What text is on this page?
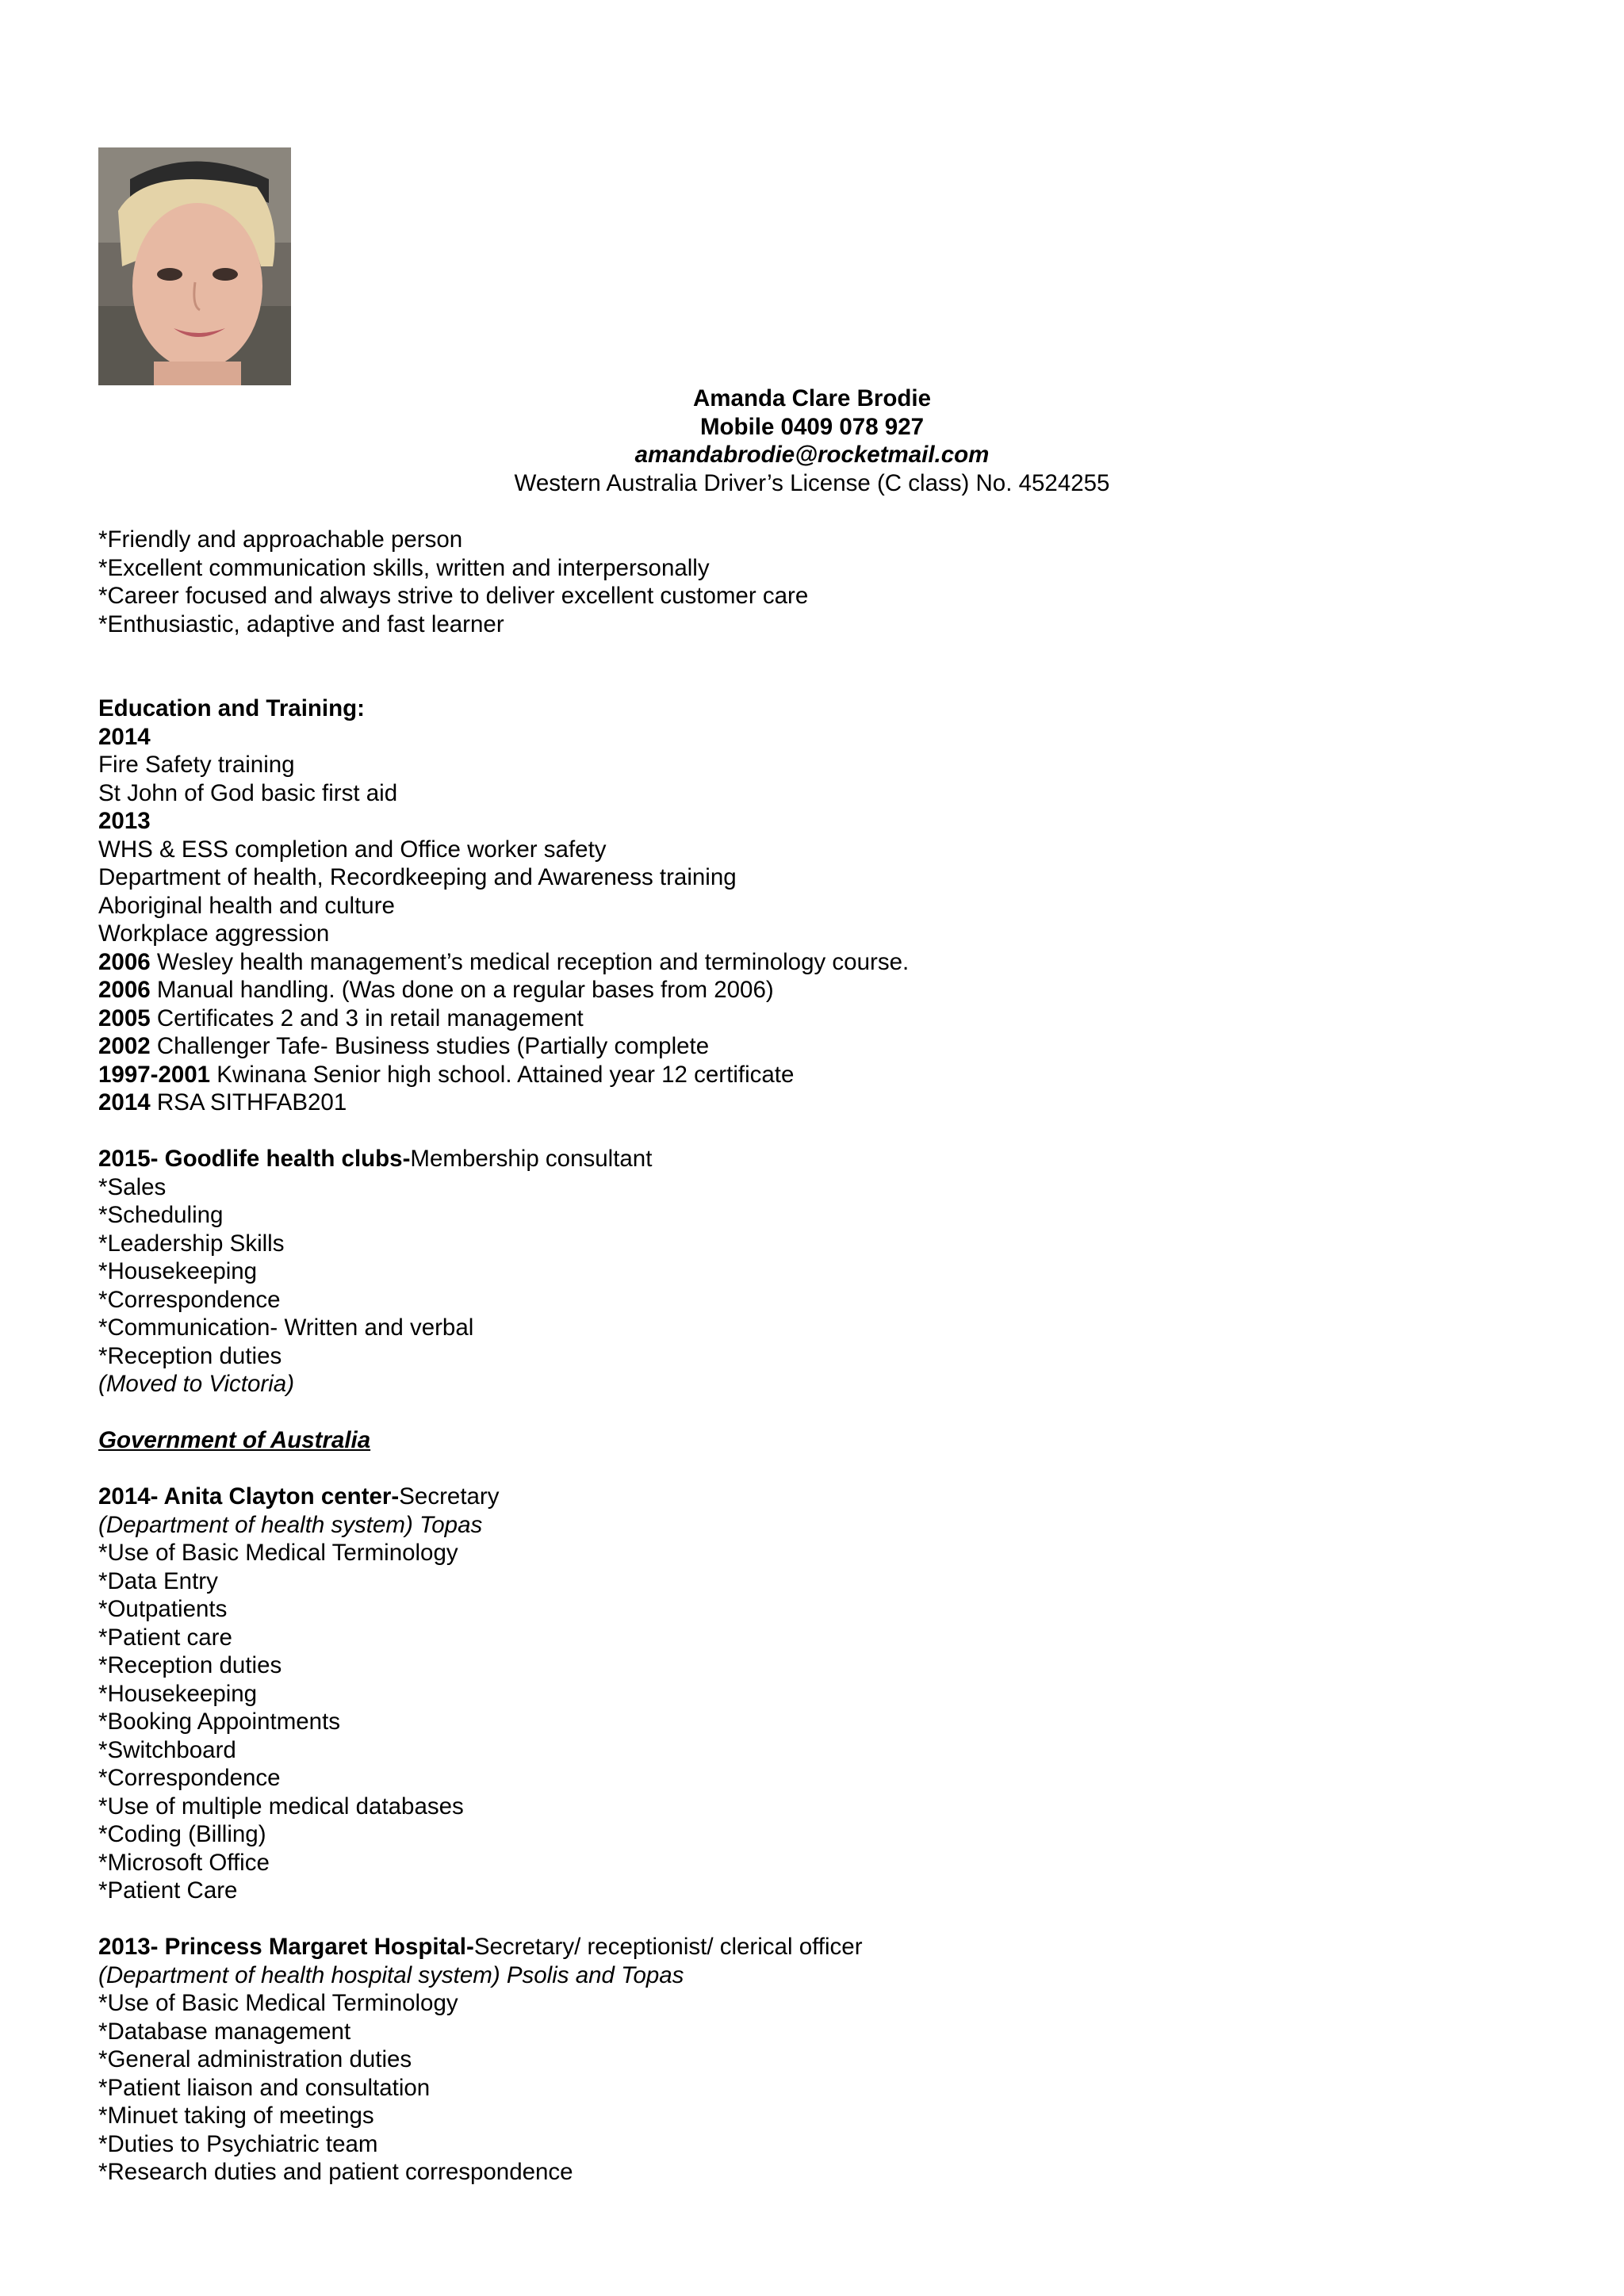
Amanda Clare Brodie
Mobile 0409 078 927
amandabrodie@rocketmail.com
Western Australia Driver’s License (C class) No. 4524255
*Friendly and approachable person
*Excellent communication skills, written and interpersonally
*Career focused and always strive to deliver excellent customer care
*Enthusiastic, adaptive and fast learner
Education and Training:
2014
Fire Safety training
St John of God basic first aid
2013
WHS & ESS completion and Office worker safety
Department of health, Recordkeeping and Awareness training
Aboriginal health and culture
Workplace aggression
2006 Wesley health management’s medical reception and terminology course.
2006 Manual handling. (Was done on a regular bases from 2006)
2005 Certificates 2 and 3 in retail management
2002 Challenger Tafe- Business studies (Partially complete
1997-2001 Kwinana Senior high school. Attained year 12 certificate
2014 RSA SITHFAB201
2015- Goodlife health clubs-Membership consultant
*Sales
*Scheduling
*Leadership Skills
*Housekeeping
*Correspondence
*Communication- Written and verbal
*Reception duties
(Moved to Victoria)
Government of Australia
2014- Anita Clayton center-Secretary
(Department of health system) Topas
*Use of Basic Medical Terminology
*Data Entry
*Outpatients
*Patient care
*Reception duties
*Housekeeping
*Booking Appointments
*Switchboard
*Correspondence
*Use of multiple medical databases
*Coding (Billing)
*Microsoft Office
*Patient Care
2013- Princess Margaret Hospital-Secretary/ receptionist/ clerical officer
(Department of health hospital system) Psolis and Topas
*Use of Basic Medical Terminology
*Database management
*General administration duties
*Patient liaison and consultation
*Minuet taking of meetings
*Duties to Psychiatric team
*Research duties and patient correspondence
